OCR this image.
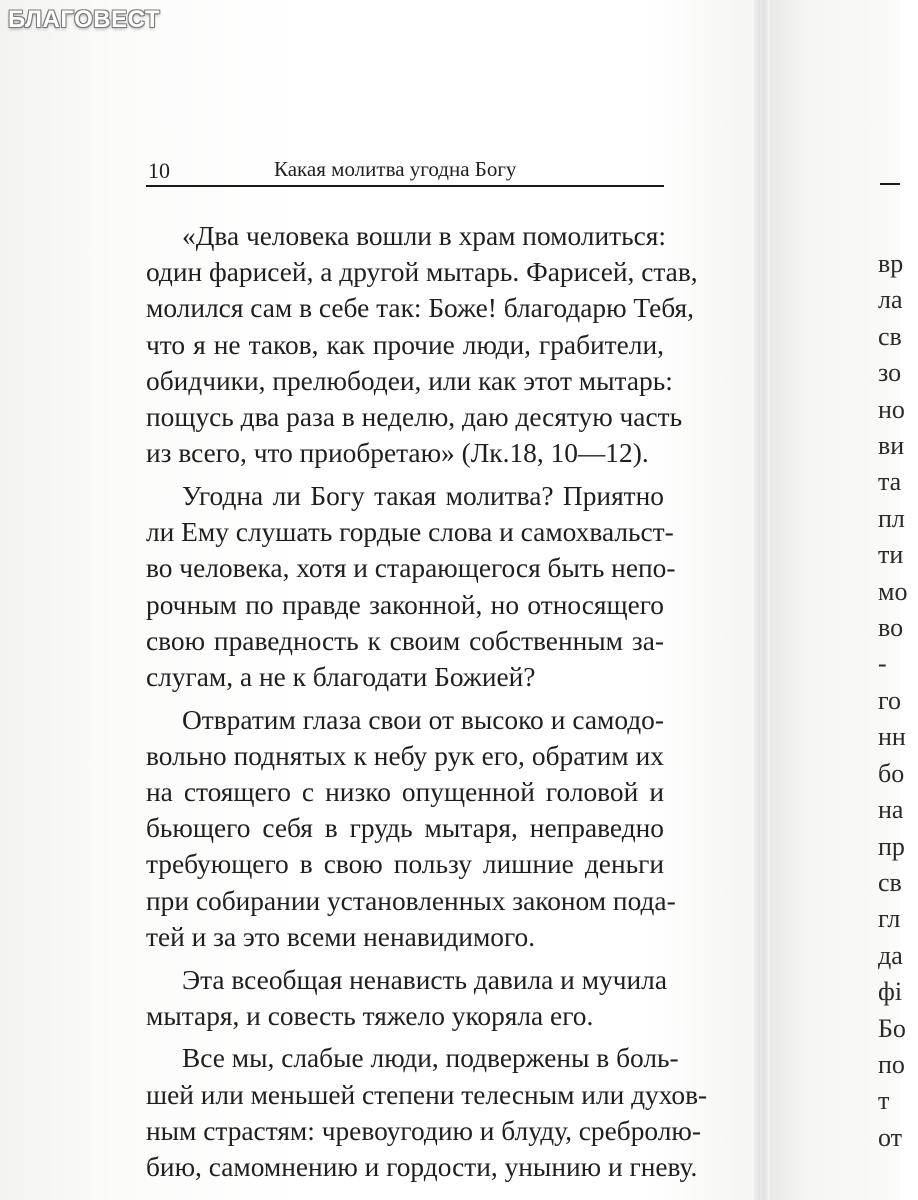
БЛАГОВЕСТ
10	Какая молитва угодна Богу

«Два человека вошли в храм помолиться:
один фарисей, а другой мытарь. Фарисей, став,
молился сам в себе так: Боже! благодарю Тебя,
что я не таков, как прочие люди, грабители,
обидчики, прелюбодеи, или как этот мытарь:
пощусь два раза в неделю, даю десятую часть
из всего, что приобретаю» (Лк.18, 10—12).

Угодна ли Богу такая молитва? Приятно
ли Ему слушать гордые слова и самохвальст-
во человека, хотя и старающегося быть непо-
рочным по правде законной, но относящего
свою праведность к своим собственным за-
слугам, а не к благодати Божией?

Отвратим глаза свои от высоко и самодо-
вольно поднятых к небу рук его, обратим их
на стоящего с низко опущенной головой и
бьющего себя в грудь мытаря, неправедно
требующего в свою пользу лишние деньги
при собирании установленных законом пода-
тей и за это всеми ненавидимого.

Эта всеобщая ненависть давила и мучила
мытаря, и совесть тяжело укоряла его.

Все мы, слабые люди, подвержены в боль-
шей или меньшей степени телесным или духов-
ным страстям: чревоугодию и блуду, сребролю-
бию, самомнению и гордости, унынию и гневу.

вр
ла
св
зо
но
ви
та
пл
ти
мо
во
-
го
нн
бо
на
пр
св
гл
да
фі
Бо
по
т
от
